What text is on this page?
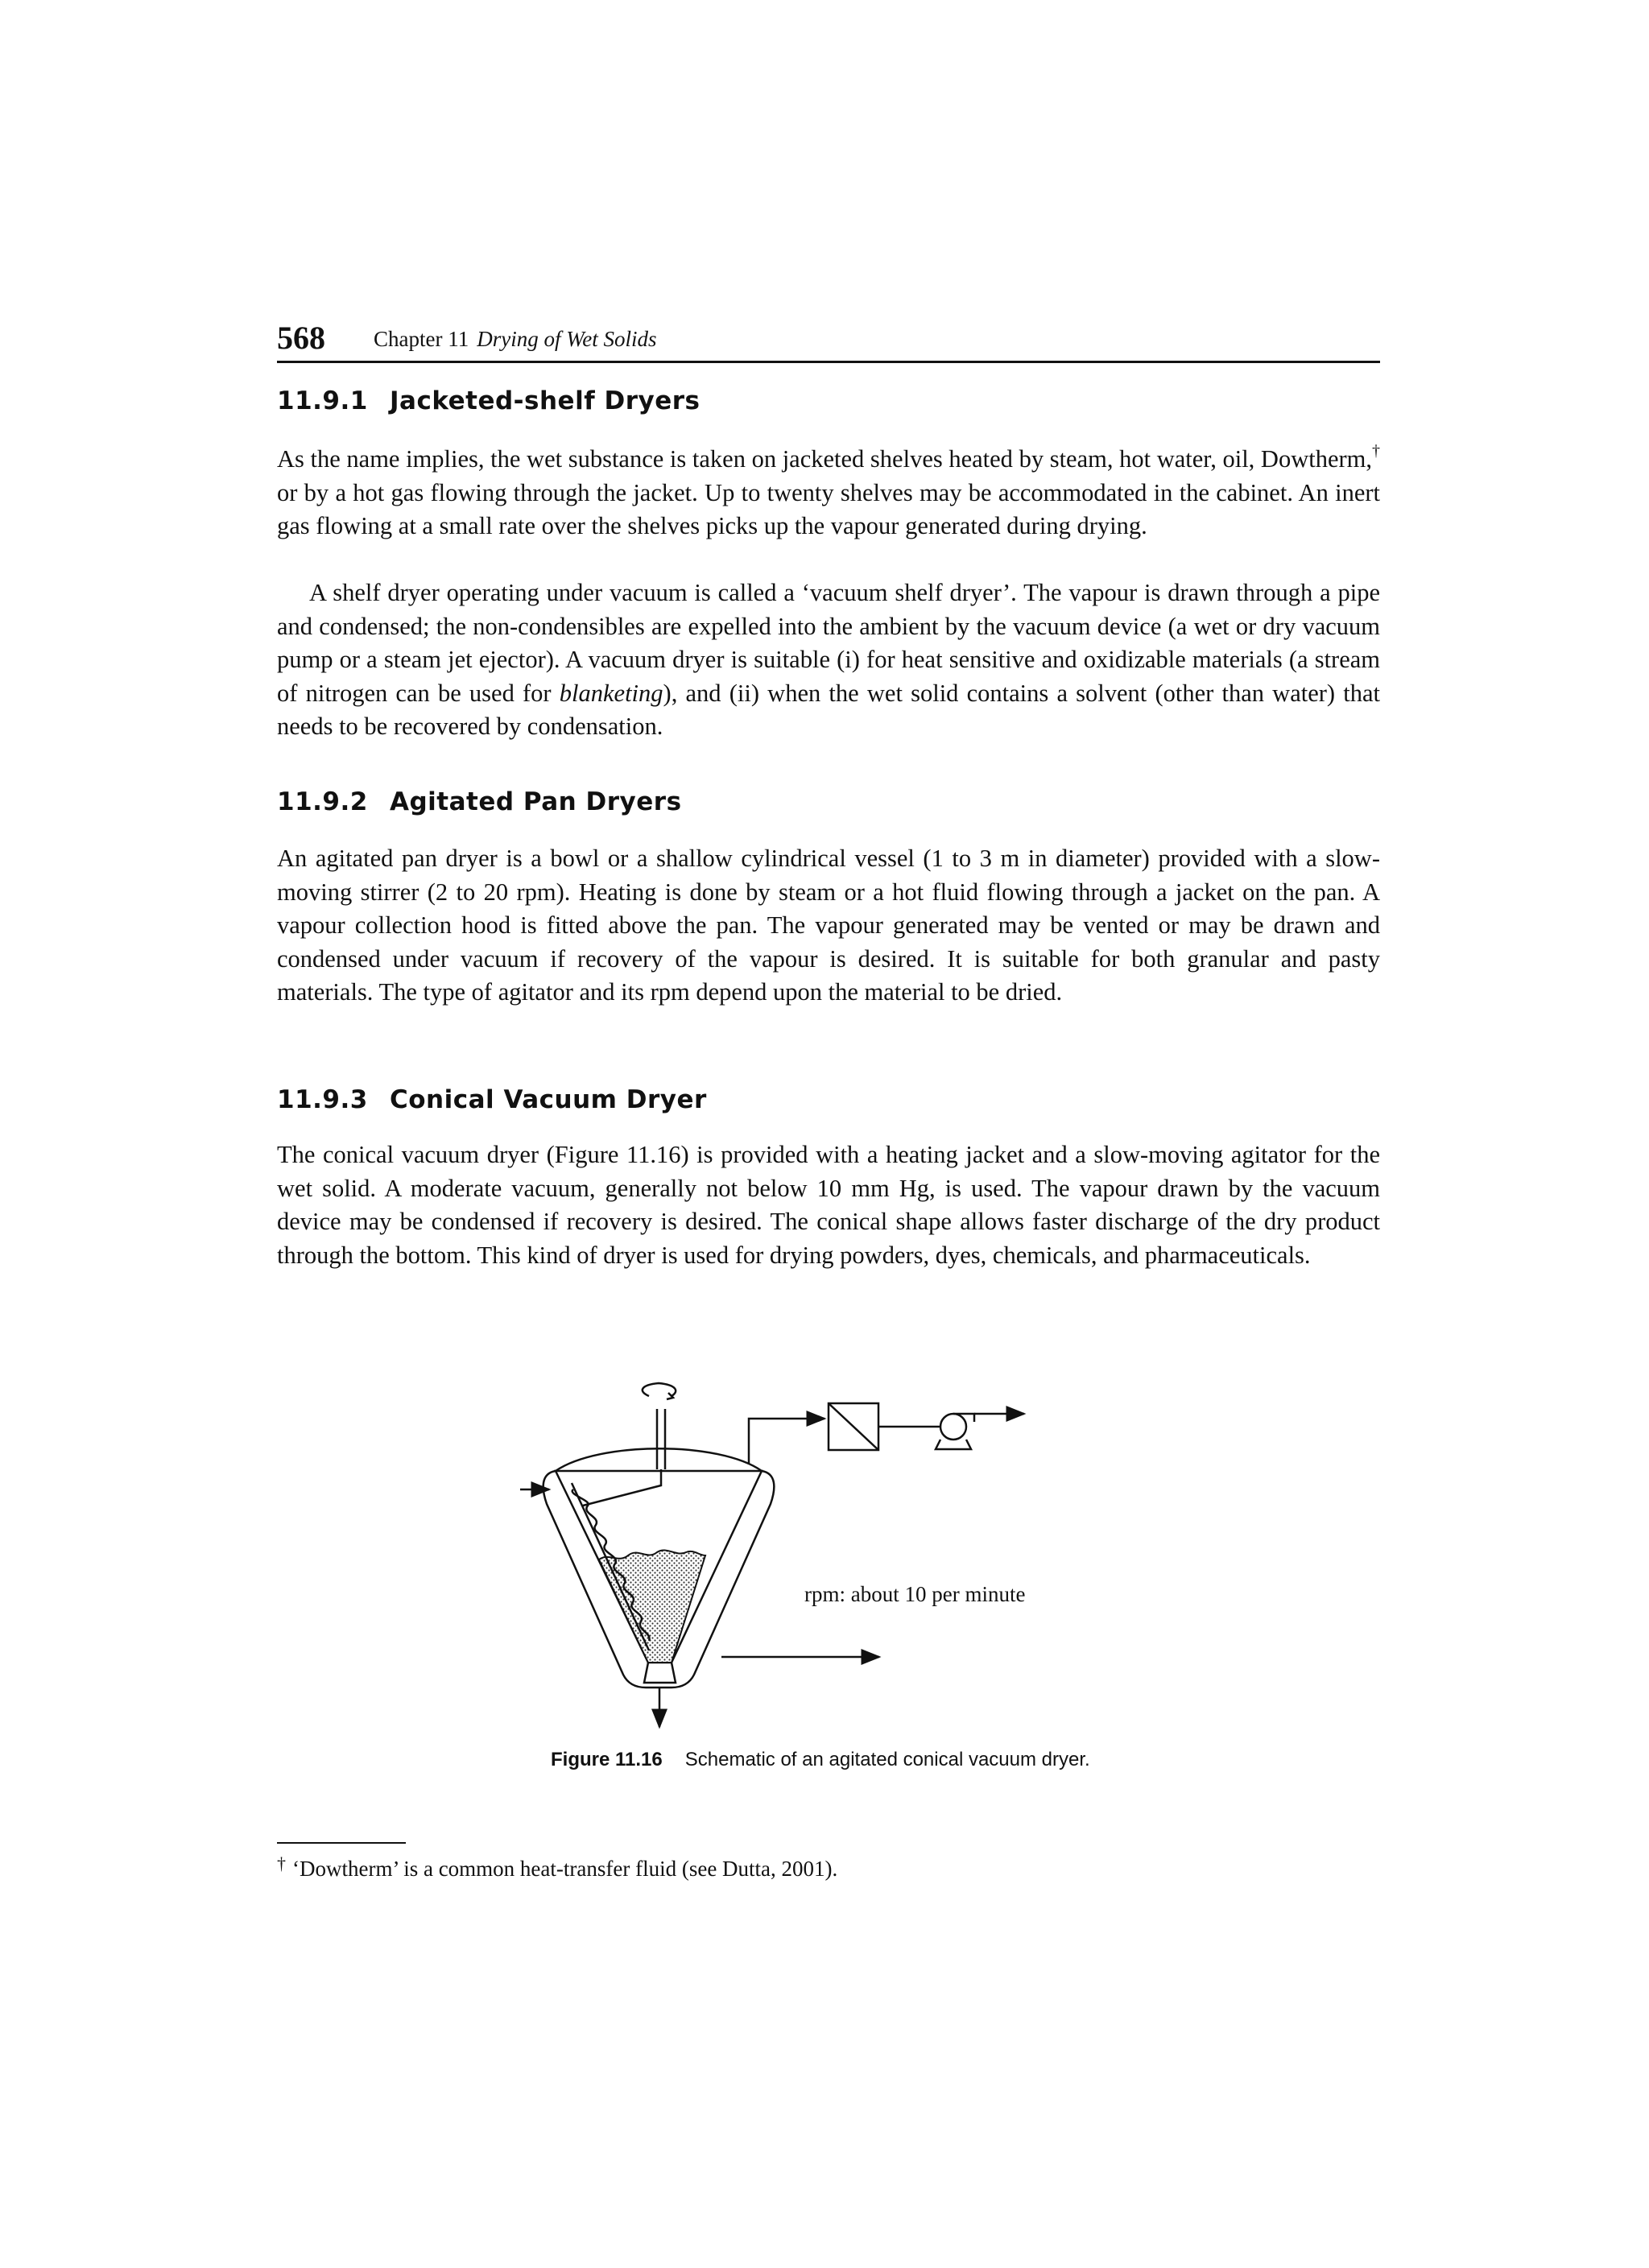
568 Chapter 11 Drying of Wet Solids
11.9.1 Jacketed-shelf Dryers

As the name implies, the wet substance is taken on jacketed shelves heated by steam, hot water, oil, Dowtherm,† or by a hot gas flowing through the jacket. Up to twenty shelves may be accommodated in the cabinet. An inert gas flowing at a small rate over the shelves picks up the vapour generated during drying.

A shelf dryer operating under vacuum is called a ‘vacuum shelf dryer’. The vapour is drawn through a pipe and condensed; the non-condensibles are expelled into the ambient by the vacuum device (a wet or dry vacuum pump or a steam jet ejector). A vacuum dryer is suitable (i) for heat sensitive and oxidizable materials (a stream of nitrogen can be used for blanketing), and (ii) when the wet solid contains a solvent (other than water) that needs to be recovered by condensation.

11.9.2 Agitated Pan Dryers

An agitated pan dryer is a bowl or a shallow cylindrical vessel (1 to 3 m in diameter) provided with a slow-moving stirrer (2 to 20 rpm). Heating is done by steam or a hot fluid flowing through a jacket on the pan. A vapour collection hood is fitted above the pan. The vapour generated may be vented or may be drawn and condensed under vacuum if recovery of the vapour is desired. It is suitable for both granular and pasty materials. The type of agitator and its rpm depend upon the material to be dried.

11.9.3 Conical Vacuum Dryer

The conical vacuum dryer (Figure 11.16) is provided with a heating jacket and a slow-moving agitator for the wet solid. A moderate vacuum, generally not below 10 mm Hg, is used. The vapour drawn by the vacuum device may be condensed if recovery is desired. The conical shape allows faster discharge of the dry product through the bottom. This kind of dryer is used for drying powders, dyes, chemicals, and pharmaceuticals.

rpm: about 10 per minute
Figure 11.16 Schematic of an agitated conical vacuum dryer.
† ‘Dowtherm’ is a common heat-transfer fluid (see Dutta, 2001).
